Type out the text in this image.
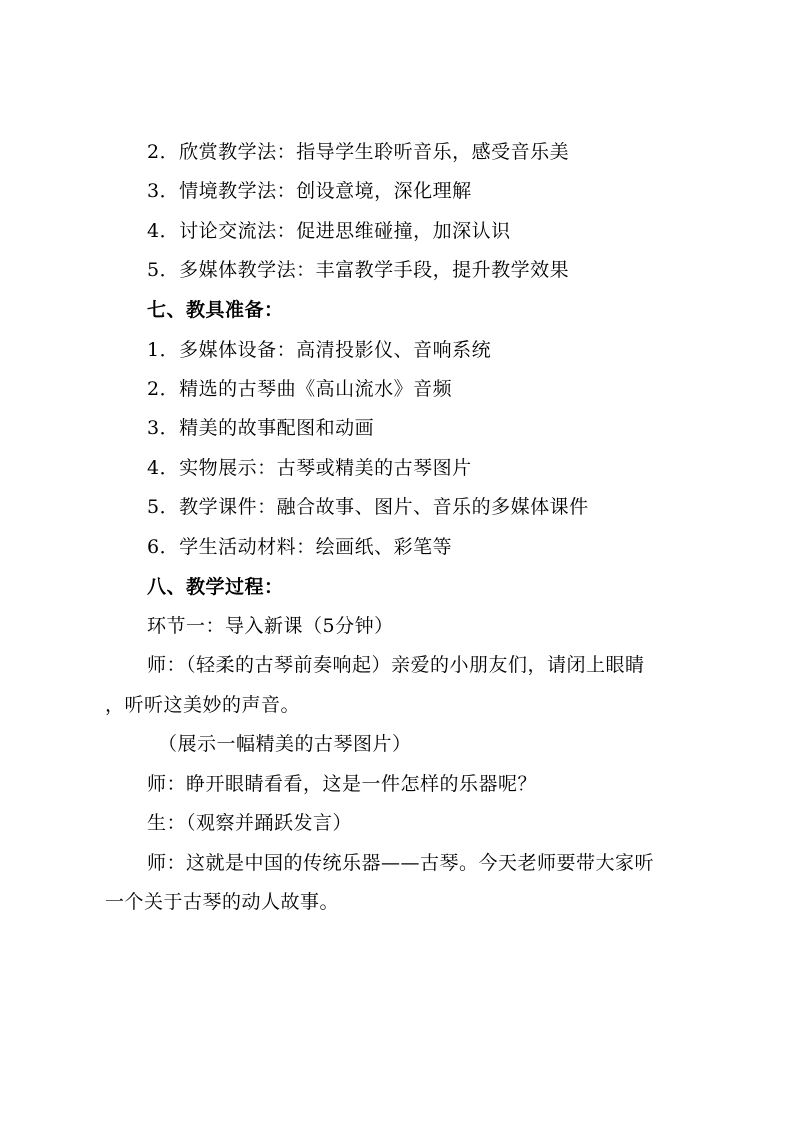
2．欣赏教学法：指导学生聆听音乐，感受音乐美
3．情境教学法：创设意境，深化理解
4．讨论交流法：促进思维碰撞，加深认识
5．多媒体教学法：丰富教学手段，提升教学效果
七、教具准备：
1．多媒体设备：高清投影仪、音响系统
2．精选的古琴曲《高山流水》音频
3．精美的故事配图和动画
4．实物展示：古琴或精美的古琴图片
5．教学课件：融合故事、图片、音乐的多媒体课件
6．学生活动材料：绘画纸、彩笔等
八、教学过程：
环节一：导入新课（5分钟）
师：（轻柔的古琴前奏响起）亲爱的小朋友们，请闭上眼睛
，听听这美妙的声音。
（展示一幅精美的古琴图片）
师：睁开眼睛看看，这是一件怎样的乐器呢？
生：（观察并踊跃发言）
师：这就是中国的传统乐器——古琴。今天老师要带大家听
一个关于古琴的动人故事。
